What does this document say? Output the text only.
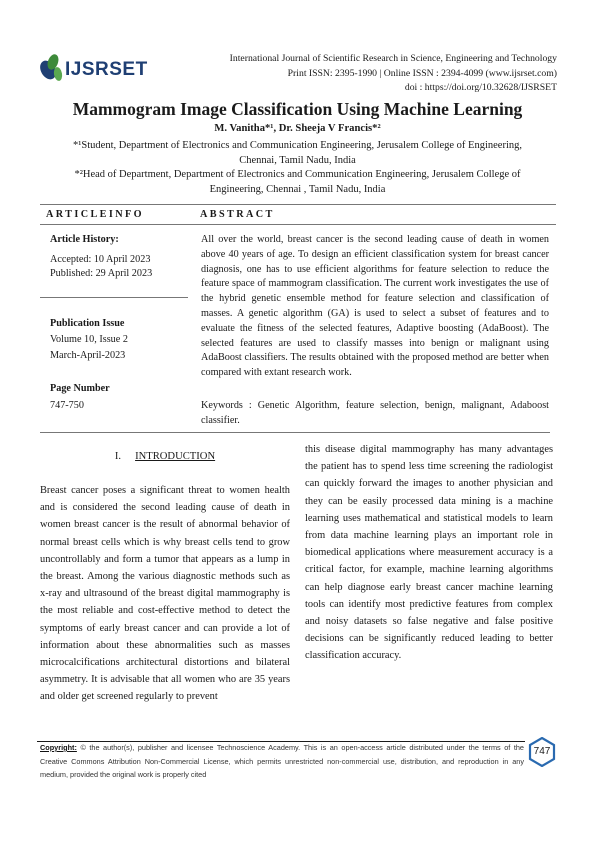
IJSRSET
International Journal of Scientific Research in Science, Engineering and Technology
Print ISSN: 2395-1990 | Online ISSN : 2394-4099 (www.ijsrset.com)
doi : https://doi.org/10.32628/IJSRSET
Mammogram Image Classification Using Machine Learning
M. Vanitha*¹, Dr. Sheeja V Francis*²
*¹Student, Department of Electronics and Communication Engineering, Jerusalem College of Engineering,
Chennai, Tamil Nadu, India
*²Head of Department, Department of Electronics and Communication Engineering, Jerusalem College of
Engineering, Chennai , Tamil Nadu, India
ARTICLEINFO	ABSTRACT
Article History:
Accepted: 10 April 2023
Published: 29 April 2023
Publication Issue
Volume 10, Issue 2
March-April-2023
Page Number
747-750

All over the world, breast cancer is the second leading cause of death in women above 40 years of age. To design an efficient classification system for breast cancer diagnosis, one has to use efficient algorithms for feature selection to reduce the feature space of mammogram classification. The current work investigates the use of the hybrid genetic ensemble method for feature selection and classification of masses. A genetic algorithm (GA) is used to select a subset of features and to evaluate the fitness of the selected features, Adaptive boosting (AdaBoost). The selected features are used to classify masses into benign or malignant using AdaBoost classifiers. The results obtained with the proposed method are better when compared with extant research work.

Keywords : Genetic Algorithm, feature selection, benign, malignant, Adaboost classifier.

I. INTRODUCTION

Breast cancer poses a significant threat to women health and is considered the second leading cause of death in women breast cancer is the result of abnormal behavior of normal breast cells which is why breast cells tend to grow uncontrollably and form a tumor that appears as a lump in the breast. Among the various diagnostic methods such as x-ray and ultrasound of the breast digital mammography is the most reliable and cost-effective method to detect the symptoms of early breast cancer and can provide a lot of information about these abnormalities such as masses microcalcifications architectural distortions and bilateral asymmetry. It is advisable that all women who are 35 years and older get screened regularly to prevent

this disease digital mammography has many advantages the patient has to spend less time screening the radiologist can quickly forward the images to another physician and they can be easily processed data mining is a machine learning uses mathematical and statistical models to learn from data machine learning plays an important role in biomedical applications where measurement accuracy is a critical factor, for example, machine learning algorithms can help diagnose early breast cancer machine learning tools can identify most predictive features from complex and noisy datasets so false negative and false positive decisions can be significantly reduced leading to better classification accuracy.

Copyright: © the author(s), publisher and licensee Technoscience Academy. This is an open-access article distributed under the terms of the Creative Commons Attribution Non-Commercial License, which permits unrestricted non-commercial use, distribution, and reproduction in any medium, provided the original work is properly cited

747
